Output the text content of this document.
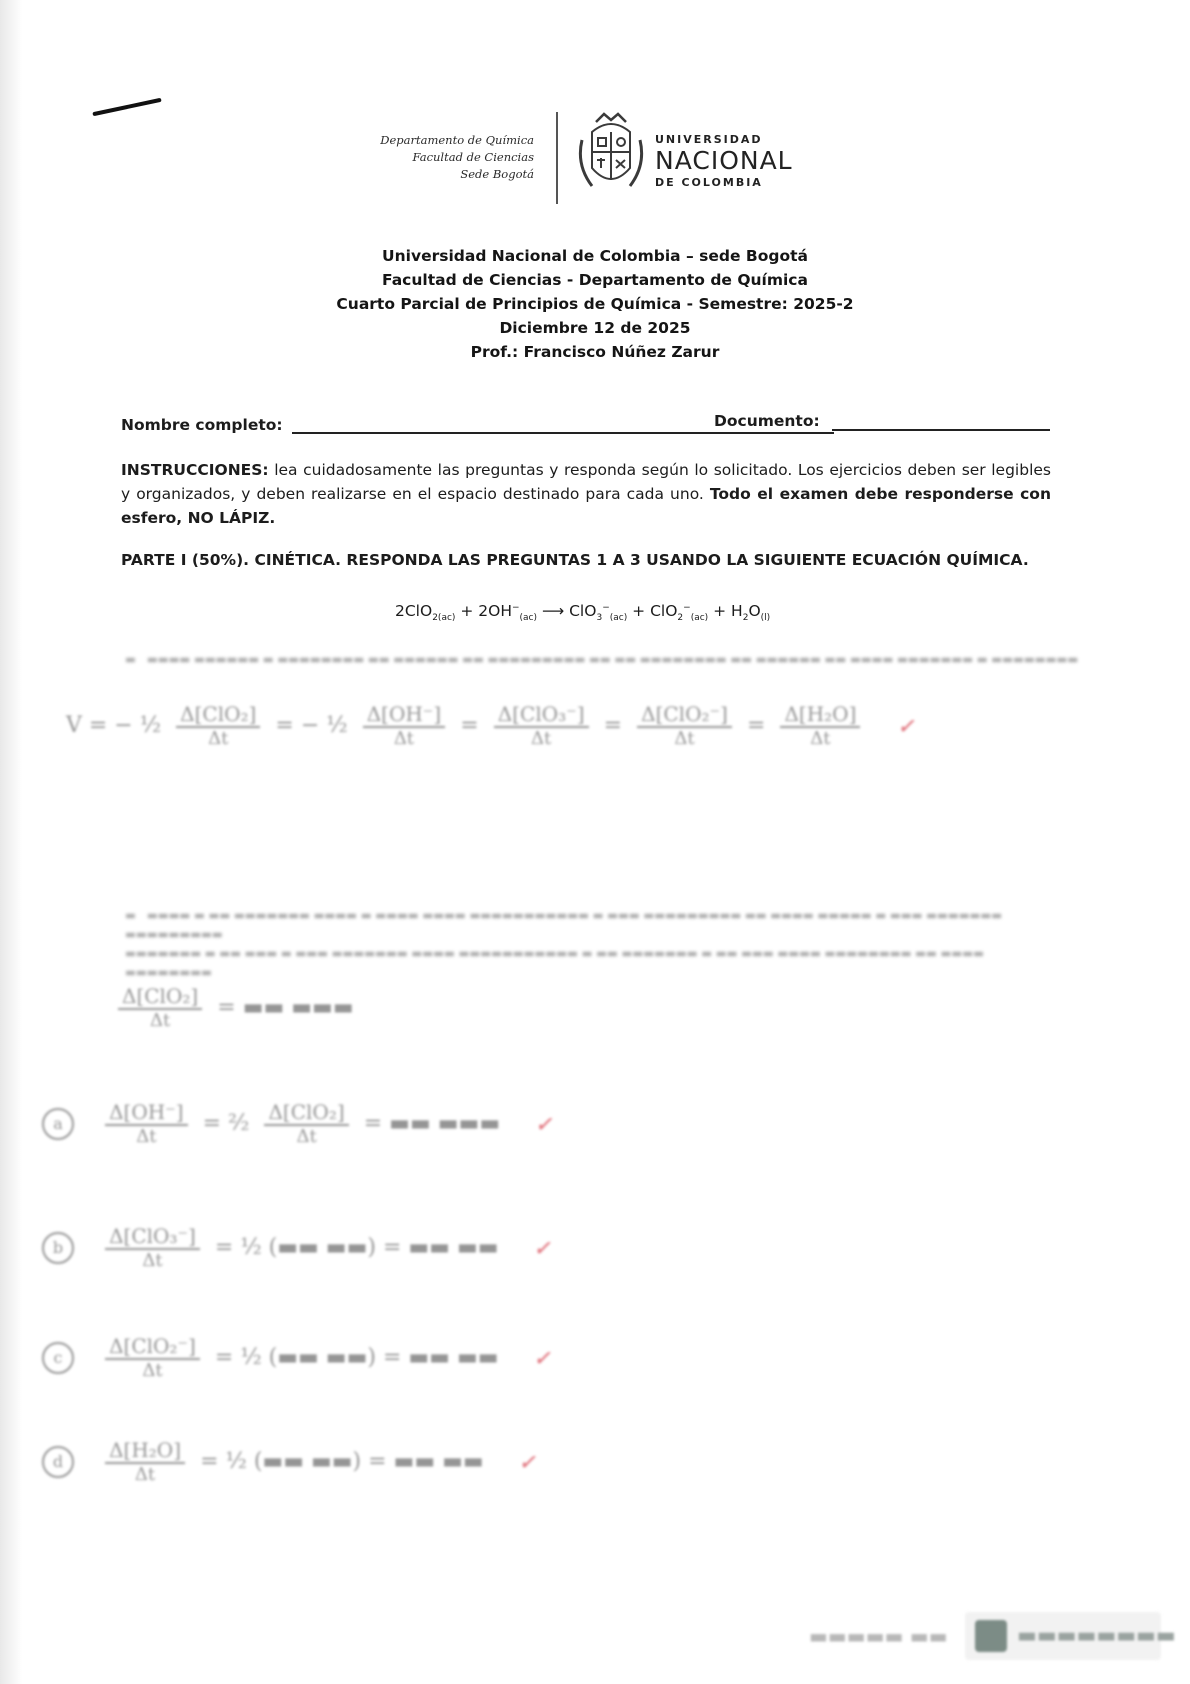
Departamento de Química
Facultad de Ciencias
Sede Bogotá
UNIVERSIDAD
NACIONAL
DE COLOMBIA
Universidad Nacional de Colombia – sede Bogotá
Facultad de Ciencias - Departamento de Química
Cuarto Parcial de Principios de Química - Semestre: 2025-2
Diciembre 12 de 2025
Prof.: Francisco Núñez Zarur
Nombre completo:	Documento:
INSTRUCCIONES: lea cuidadosamente las preguntas y responda según lo solicitado. Los ejercicios deben ser legibles y organizados, y deben realizarse en el espacio destinado para cada uno. Todo el examen debe responderse con esfero, NO LÁPIZ.
PARTE I (50%). CINÉTICA. RESPONDA LAS PREGUNTAS 1 A 3 USANDO LA SIGUIENTE ECUACIÓN QUÍMICA.
$2ClO_{2(ac)} + 2OH^-_{(ac)}$ ⟶ $ClO_3^-_{(ac)} + ClO_2^-_{(ac)} + H_2O_{(l)}$
▬   ▬▬▬▬ ▬▬▬▬▬▬ ▬ ▬▬▬▬▬▬▬▬ ▬▬ ▬▬▬▬▬▬ ▬▬ ▬▬▬▬▬▬▬▬▬ ▬▬ ▬▬ ▬▬▬▬▬▬▬▬ ▬▬ ▬▬▬▬▬▬ ▬▬ ▬▬▬▬ ▬▬▬▬▬▬▬ ▬ ▬▬▬▬▬▬▬▬
V = − ½ $\frac{\text{Δ[ClO₂]}}{\Delta t}$ = − ½ $\frac{\Delta[OH^-]}{\Delta t} = \frac{\text{Δ[ClO₃⁻]}}{\Delta t} = \frac{\text{Δ[ClO₂⁻]}}{\Delta t} = \frac{\text{Δ[H₂O]}}{\Delta t}$ ✓
▬   ▬▬▬▬ ▬ ▬▬ ▬▬▬▬▬▬▬ ▬▬▬▬ ▬ ▬▬▬▬ ▬▬▬▬ ▬▬▬▬▬▬▬▬▬▬▬ ▬ ▬▬▬ ▬▬▬▬▬▬▬▬▬ ▬▬ ▬▬▬▬ ▬▬▬▬▬ ▬ ▬▬▬ ▬▬▬▬▬▬▬ ▬▬▬▬▬▬▬▬▬
▬▬▬▬▬▬▬ ▬ ▬▬ ▬▬▬ ▬ ▬▬▬ ▬▬▬▬▬▬▬ ▬▬▬▬ ▬▬▬▬▬▬▬▬▬▬▬ ▬ ▬▬ ▬▬▬▬▬▬▬ ▬ ▬▬ ▬▬▬ ▬▬▬▬ ▬▬▬▬▬▬▬▬ ▬▬ ▬▬▬▬ ▬▬▬▬▬▬▬▬
$\frac{\text{Δ[ClO₂]}}{\Delta t}$ = ▬▬ ▬▬▬
a $\frac{\Delta[OH^-]}{\Delta t}$ = ²⁄₂ $\frac{\text{Δ[ClO₂]}}{\Delta t}$ = ▬▬ ▬▬▬ ✓
b $\frac{\text{Δ[ClO₃⁻]}}{\Delta t}$ = ½ (▬▬ ▬▬) = ▬▬ ▬▬ ✓
c $\frac{\text{Δ[ClO₂⁻]}}{\Delta t}$ = ½ (▬▬ ▬▬) = ▬▬ ▬▬ ✓
d $\frac{\text{Δ[H₂O]}}{\Delta t}$ = ½ (▬▬ ▬▬) = ▬▬ ▬▬ ✓
▬▬▬▬▬ ▬▬	▬▬▬▬▬▬▬▬
